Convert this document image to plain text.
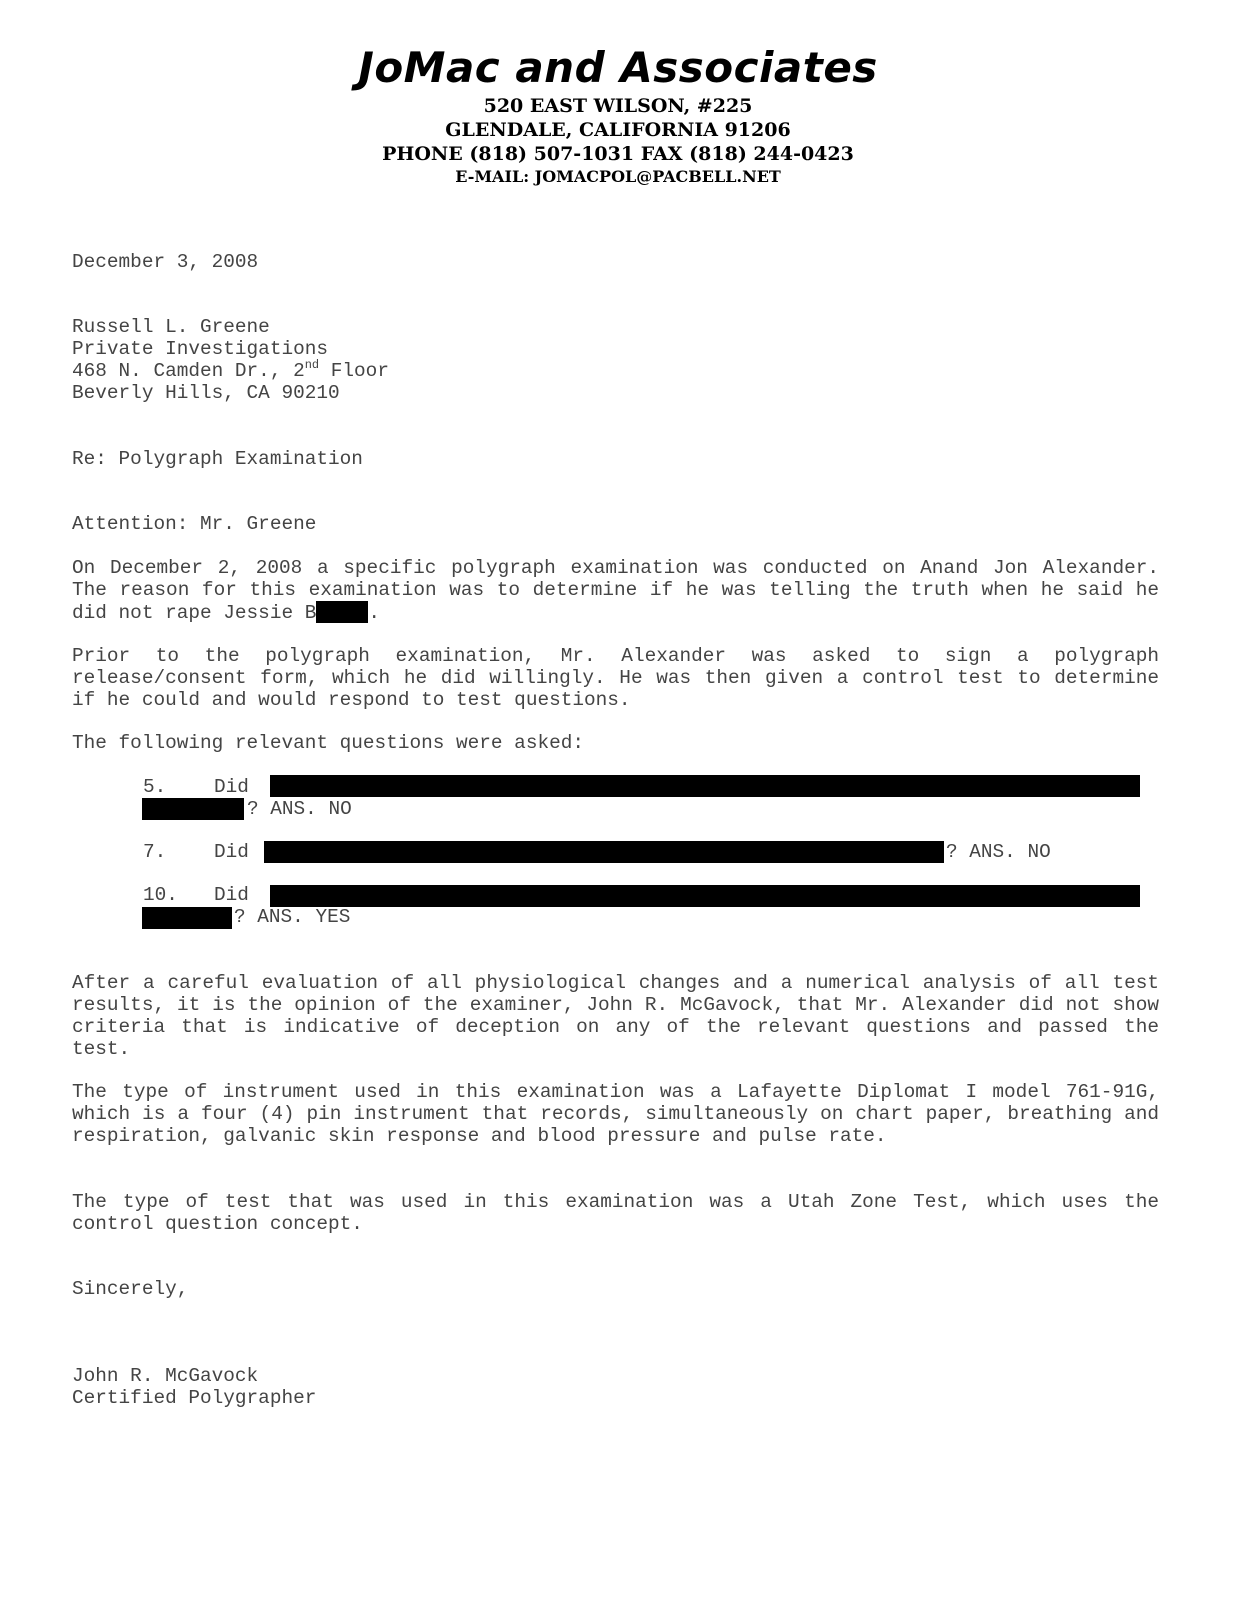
JoMac and Associates
520 EAST WILSON, #225
GLENDALE, CALIFORNIA 91206
PHONE (818) 507-1031 FAX (818) 244-0423
E-MAIL: JOMACPOL@PACBELL.NET
December 3, 2008
Russell L. Greene
Private Investigations
468 N. Camden Dr., 2nd Floor
Beverly Hills, CA 90210
Re: Polygraph Examination
Attention: Mr. Greene
On December 2, 2008 a specific polygraph examination was conducted on Anand Jon Alexander. The reason for this examination was to determine if he was telling the truth when he said he did not rape Jessie B	.
Prior to the polygraph examination, Mr. Alexander was asked to sign a polygraph release/consent form, which he did willingly. He was then given a control test to determine if he could and would respond to test questions.
The following relevant questions were asked:
5. Did
? ANS. NO
7. Did	? ANS. NO
10. Did
? ANS. YES
After a careful evaluation of all physiological changes and a numerical analysis of all test results, it is the opinion of the examiner, John R. McGavock, that Mr. Alexander did not show criteria that is indicative of deception on any of the relevant questions and passed the test.
The type of instrument used in this examination was a Lafayette Diplomat I model 761-91G, which is a four (4) pin instrument that records, simultaneously on chart paper, breathing and respiration, galvanic skin response and blood pressure and pulse rate.
The type of test that was used in this examination was a Utah Zone Test, which uses the control question concept.
Sincerely,
John R. McGavock
Certified Polygrapher
